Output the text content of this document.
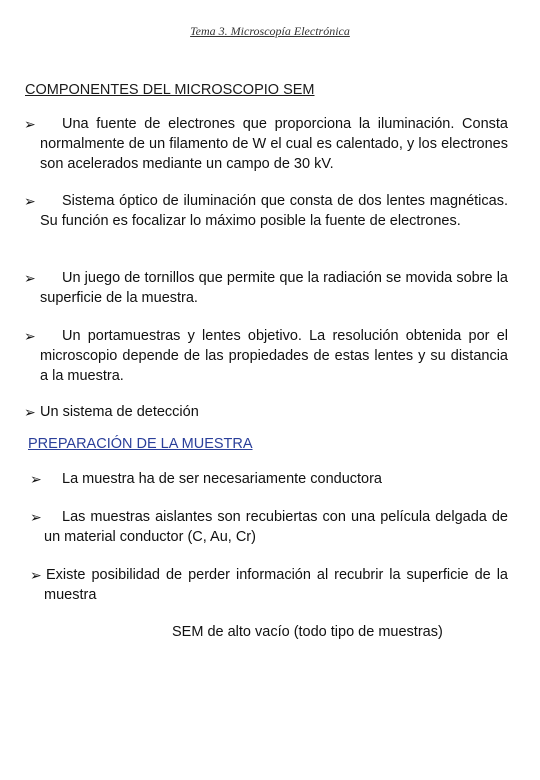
Tema 3. Microscopía Electrónica
COMPONENTES DEL MICROSCOPIO SEM
➢	Una fuente de electrones que proporciona la iluminación. Consta normalmente de un filamento de W el cual es calentado, y los electrones son acelerados mediante un campo de 30 kV.
➢	Sistema óptico de iluminación que consta de dos lentes magnéticas. Su función es focalizar lo máximo posible la fuente de electrones.
➢	Un juego de tornillos que permite que la radiación se movida sobre la superficie de la muestra.
➢	Un portamuestras y lentes objetivo. La resolución obtenida por el microscopio depende de las propiedades de estas lentes y su distancia a la muestra.
➢ Un sistema de detección
PREPARACIÓN DE LA MUESTRA
➢	La muestra ha de ser necesariamente conductora
➢	Las muestras aislantes son recubiertas con una película delgada de un material conductor (C, Au, Cr)
➢ Existe posibilidad de perder información al recubrir la superficie de la muestra
SEM de alto vacío (todo tipo de muestras)
